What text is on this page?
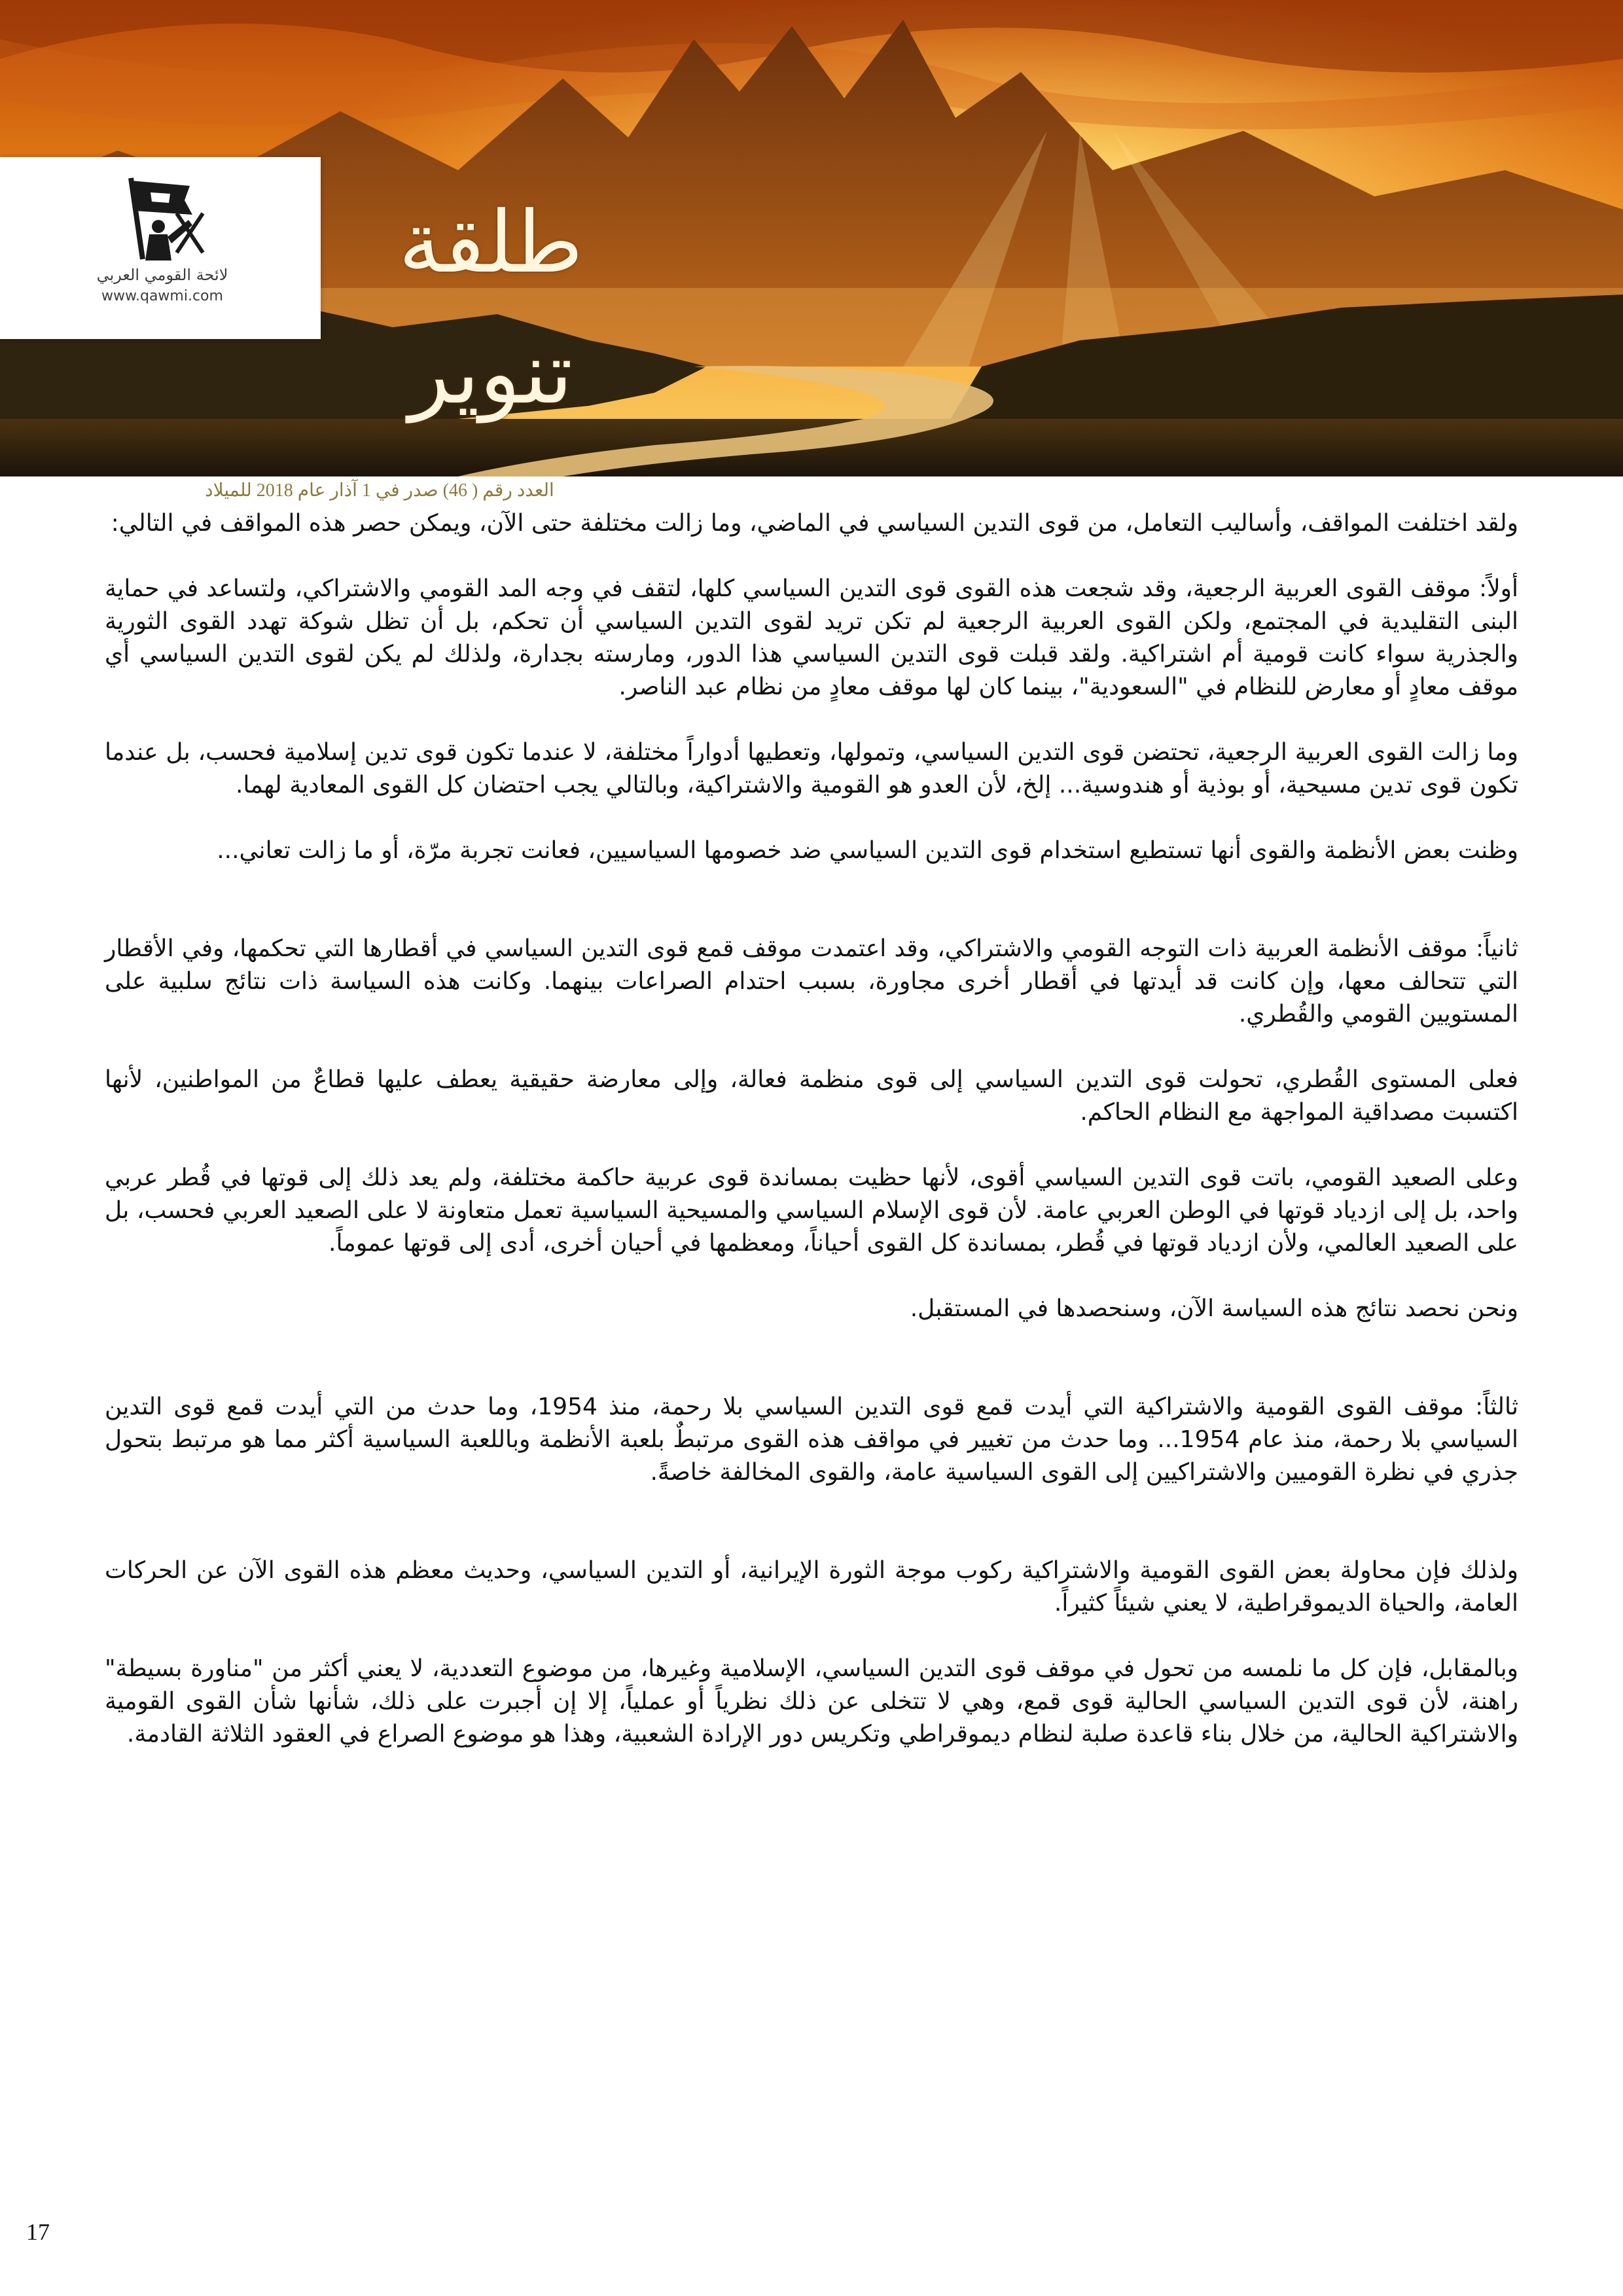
لائحة القومي العربي
www.qawmi.com
طلقة تنوير
العدد رقم ( 46) صدر في 1 آذار عام 2018 للميلاد

ولقد اختلفت المواقف، وأساليب التعامل، من قوى التدين السياسي في الماضي، وما زالت مختلفة حتى الآن، ويمكن حصر هذه المواقف في التالي:

أولاً: موقف القوى العربية الرجعية، وقد شجعت هذه القوى قوى التدين السياسي كلها، لتقف في وجه المد القومي والاشتراكي، ولتساعد في حماية البنى التقليدية في المجتمع، ولكن القوى العربية الرجعية لم تكن تريد لقوى التدين السياسي أن تحكم، بل أن تظل شوكة تهدد القوى الثورية والجذرية سواء كانت قومية أم اشتراكية. ولقد قبلت قوى التدين السياسي هذا الدور، ومارسته بجدارة، ولذلك لم يكن لقوى التدين السياسي أي موقف معادٍ أو معارض للنظام في "السعودية"، بينما كان لها موقف معادٍ من نظام عبد الناصر.

وما زالت القوى العربية الرجعية، تحتضن قوى التدين السياسي، وتمولها، وتعطيها أدواراً مختلفة، لا عندما تكون قوى تدين إسلامية فحسب، بل عندما تكون قوى تدين مسيحية، أو بوذية أو هندوسية... إلخ، لأن العدو هو القومية والاشتراكية، وبالتالي يجب احتضان كل القوى المعادية لهما.

وظنت بعض الأنظمة والقوى أنها تستطيع استخدام قوى التدين السياسي ضد خصومها السياسيين، فعانت تجربة مرّة، أو ما زالت تعاني...

ثانياً: موقف الأنظمة العربية ذات التوجه القومي والاشتراكي، وقد اعتمدت موقف قمع قوى التدين السياسي في أقطارها التي تحكمها، وفي الأقطار التي تتحالف معها، وإن كانت قد أيدتها في أقطار أخرى مجاورة، بسبب احتدام الصراعات بينهما. وكانت هذه السياسة ذات نتائج سلبية على المستويين القومي والقُطري.

فعلى المستوى القُطري، تحولت قوى التدين السياسي إلى قوى منظمة فعالة، وإلى معارضة حقيقية يعطف عليها قطاعٌ من المواطنين، لأنها اكتسبت مصداقية المواجهة مع النظام الحاكم.

وعلى الصعيد القومي، باتت قوى التدين السياسي أقوى، لأنها حظيت بمساندة قوى عربية حاكمة مختلفة، ولم يعد ذلك إلى قوتها في قُطر عربي واحد، بل إلى ازدياد قوتها في الوطن العربي عامة. لأن قوى الإسلام السياسي والمسيحية السياسية تعمل متعاونة لا على الصعيد العربي فحسب، بل على الصعيد العالمي، ولأن ازدياد قوتها في قُطر، بمساندة كل القوى أحياناً، ومعظمها في أحيان أخرى، أدى إلى قوتها عموماً.

ونحن نحصد نتائج هذه السياسة الآن، وسنحصدها في المستقبل.

ثالثاً: موقف القوى القومية والاشتراكية التي أيدت قمع قوى التدين السياسي بلا رحمة، منذ 1954، وما حدث من التي أيدت قمع قوى التدين السياسي بلا رحمة، منذ عام 1954... وما حدث من تغيير في مواقف هذه القوى مرتبطٌ بلعبة الأنظمة وباللعبة السياسية أكثر مما هو مرتبط بتحول جذري في نظرة القوميين والاشتراكيين إلى القوى السياسية عامة، والقوى المخالفة خاصةً.

ولذلك فإن محاولة بعض القوى القومية والاشتراكية ركوب موجة الثورة الإيرانية، أو التدين السياسي، وحديث معظم هذه القوى الآن عن الحركات العامة، والحياة الديموقراطية، لا يعني شيئاً كثيراً.

وبالمقابل، فإن كل ما نلمسه من تحول في موقف قوى التدين السياسي، الإسلامية وغيرها، من موضوع التعددية، لا يعني أكثر من "مناورة بسيطة" راهنة، لأن قوى التدين السياسي الحالية قوى قمع، وهي لا تتخلى عن ذلك نظرياً أو عملياً، إلا إن أجبرت على ذلك، شأنها شأن القوى القومية والاشتراكية الحالية، من خلال بناء قاعدة صلبة لنظام ديموقراطي وتكريس دور الإرادة الشعبية، وهذا هو موضوع الصراع في العقود الثلاثة القادمة.

17
